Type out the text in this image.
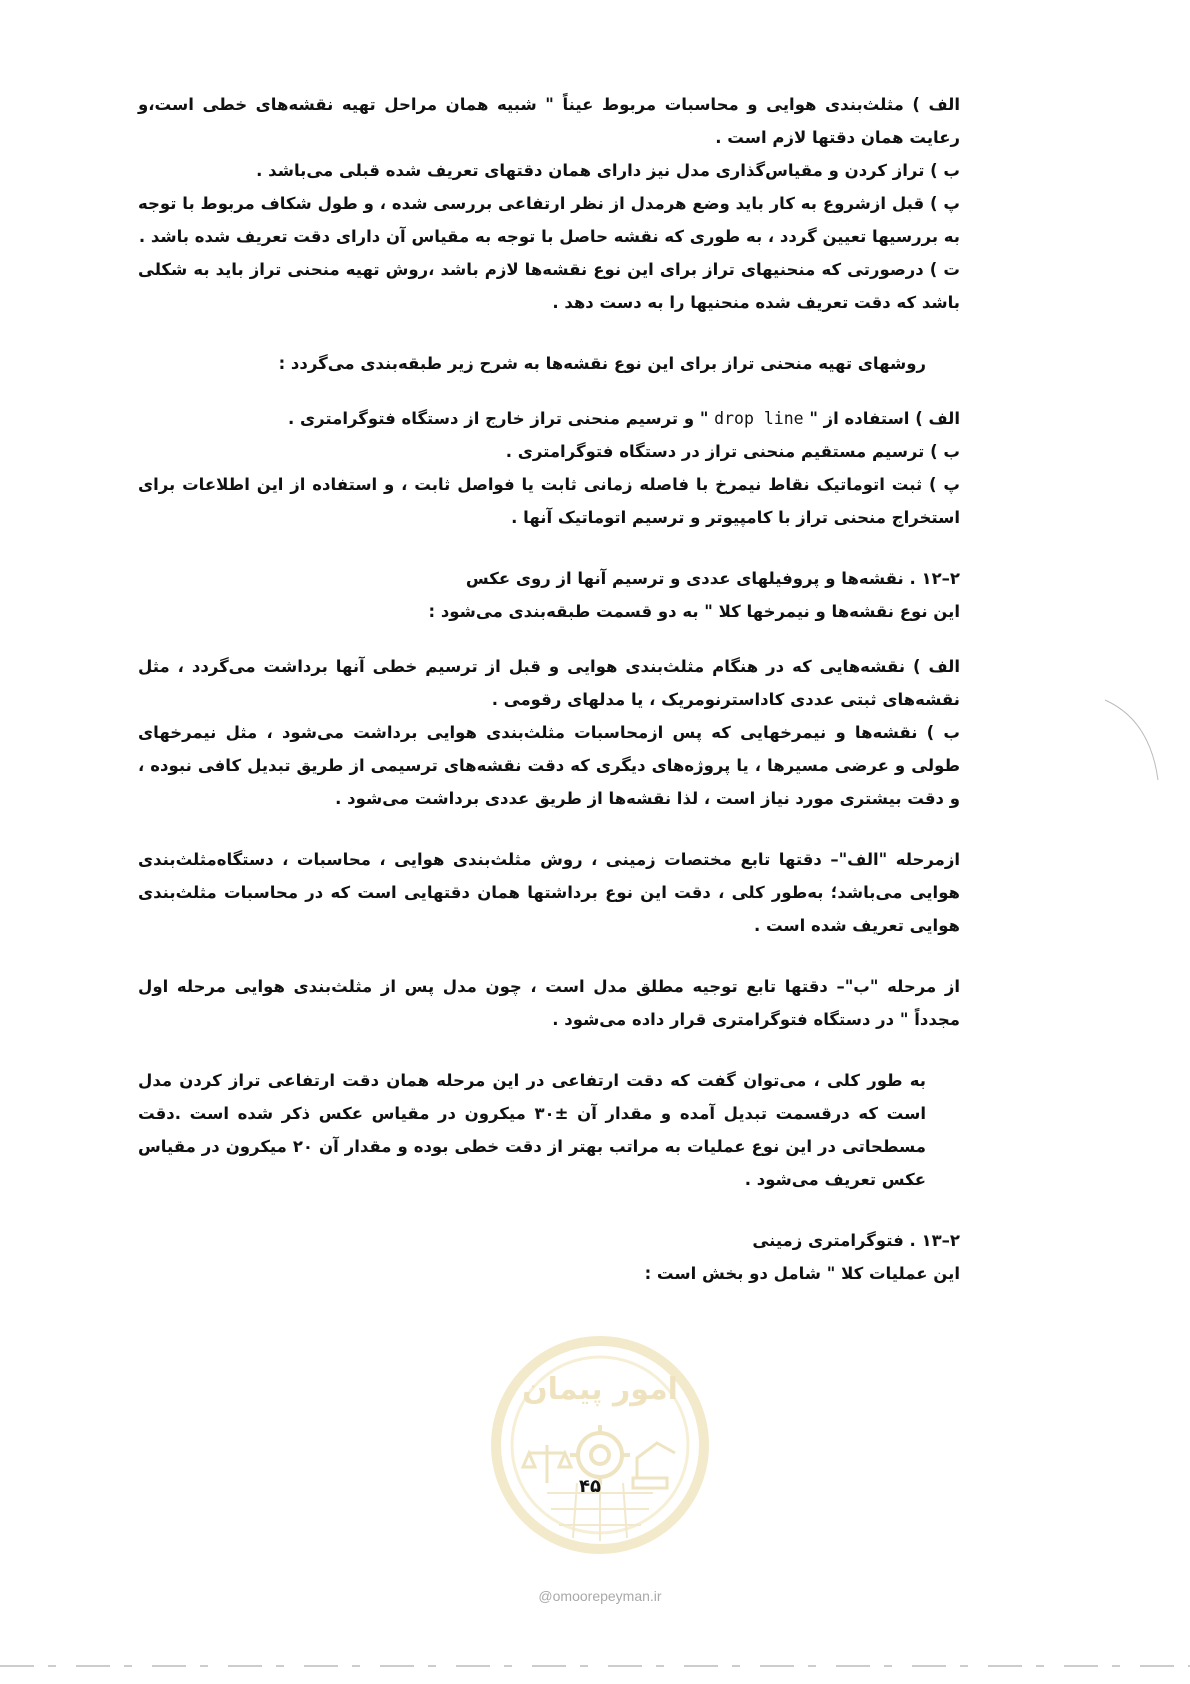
الف ) مثلث‌بندی هوایی و محاسبات مربوط عیناً " شبیه همان مراحل تهیه نقشه‌های خطی است،و رعایت همان دقتها لازم است .

ب ) تراز کردن و مقیاس‌گذاری مدل نیز دارای همان دقتهای تعریف شده قبلی می‌باشد .

پ ) قبل ازشروع به کار باید وضع هرمدل از نظر ارتفاعی بررسی شده ، و طول شکاف مربوط با توجه به بررسیها تعیین گردد ، به طوری که نقشه حاصل با توجه به مقیاس آن دارای دقت تعریف شده باشد .

ت ) درصورتی که منحنیهای تراز برای این نوع نقشه‌ها لازم باشد ،روش تهیه منحنی تراز باید به شکلی باشد که دقت تعریف شده منحنیها را به دست دهد .

روشهای تهیه منحنی تراز برای این نوع نقشه‌ها به شرح زیر طبقه‌بندی می‌گردد :

الف ) استفاده از " drop line " و ترسیم منحنی تراز خارج از دستگاه فتوگرامتری .

ب ) ترسیم مستقیم منحنی تراز در دستگاه فتوگرامتری .

پ ) ثبت اتوماتیک نقاط نیمرخ با فاصله زمانی ثابت یا فواصل ثابت ، و استفاده از این اطلاعات برای استخراج منحنی تراز با کامپیوتر و ترسیم اتوماتیک آنها .

۲–۱۲ . نقشه‌ها و پروفیلهای عددی و ترسیم آنها از روی عکس

این نوع نقشه‌ها و نیمرخها کلا " به دو قسمت طبقه‌بندی می‌شود :

الف ) نقشه‌هایی که در هنگام مثلث‌بندی هوایی و قبل از ترسیم خطی آنها برداشت می‌گردد ، مثل نقشه‌های ثبتی عددی کاداسترنومریک ، یا مدلهای رقومی .

ب ) نقشه‌ها و نیمرخهایی که پس ازمحاسبات مثلث‌بندی هوایی برداشت می‌شود ، مثل نیمرخهای طولی و عرضی مسیرها ، یا پروژه‌های دیگری که دقت نقشه‌های ترسیمی از طریق تبدیل کافی نبوده ، و دقت بیشتری مورد نیاز است ، لذا نقشه‌ها از طریق عددی برداشت می‌شود .

ازمرحله "الف"– دقتها تابع مختصات زمینی ، روش مثلث‌بندی هوایی ، محاسبات ، دستگاه‌مثلث‌بندی هوایی می‌باشد؛ به‌طور کلی ، دقت این نوع برداشتها همان دقتهایی است که در محاسبات مثلث‌بندی هوایی تعریف شده است .

از مرحله "ب"– دقتها تابع توجیه مطلق مدل است ، چون مدل پس از مثلث‌بندی هوایی مرحله اول مجدداً " در دستگاه فتوگرامتری قرار داده می‌شود .

به طور کلی ، می‌توان گفت که دقت ارتفاعی در این مرحله همان دقت ارتفاعی تراز کردن مدل است که درقسمت تبدیل آمده و مقدار آن ±۳۰ میکرون در مقیاس عکس ذکر شده است .دقت مسطحاتی در این نوع عملیات به مراتب بهتر از دقت خطی بوده و مقدار آن ۲۰ میکرون در مقیاس عکس تعریف می‌شود .

۲–۱۳ . فتوگرامتری زمینی

این عملیات کلا " شامل دو بخش است :

امور پیمان
۴۵
@omoorepeyman.ir
